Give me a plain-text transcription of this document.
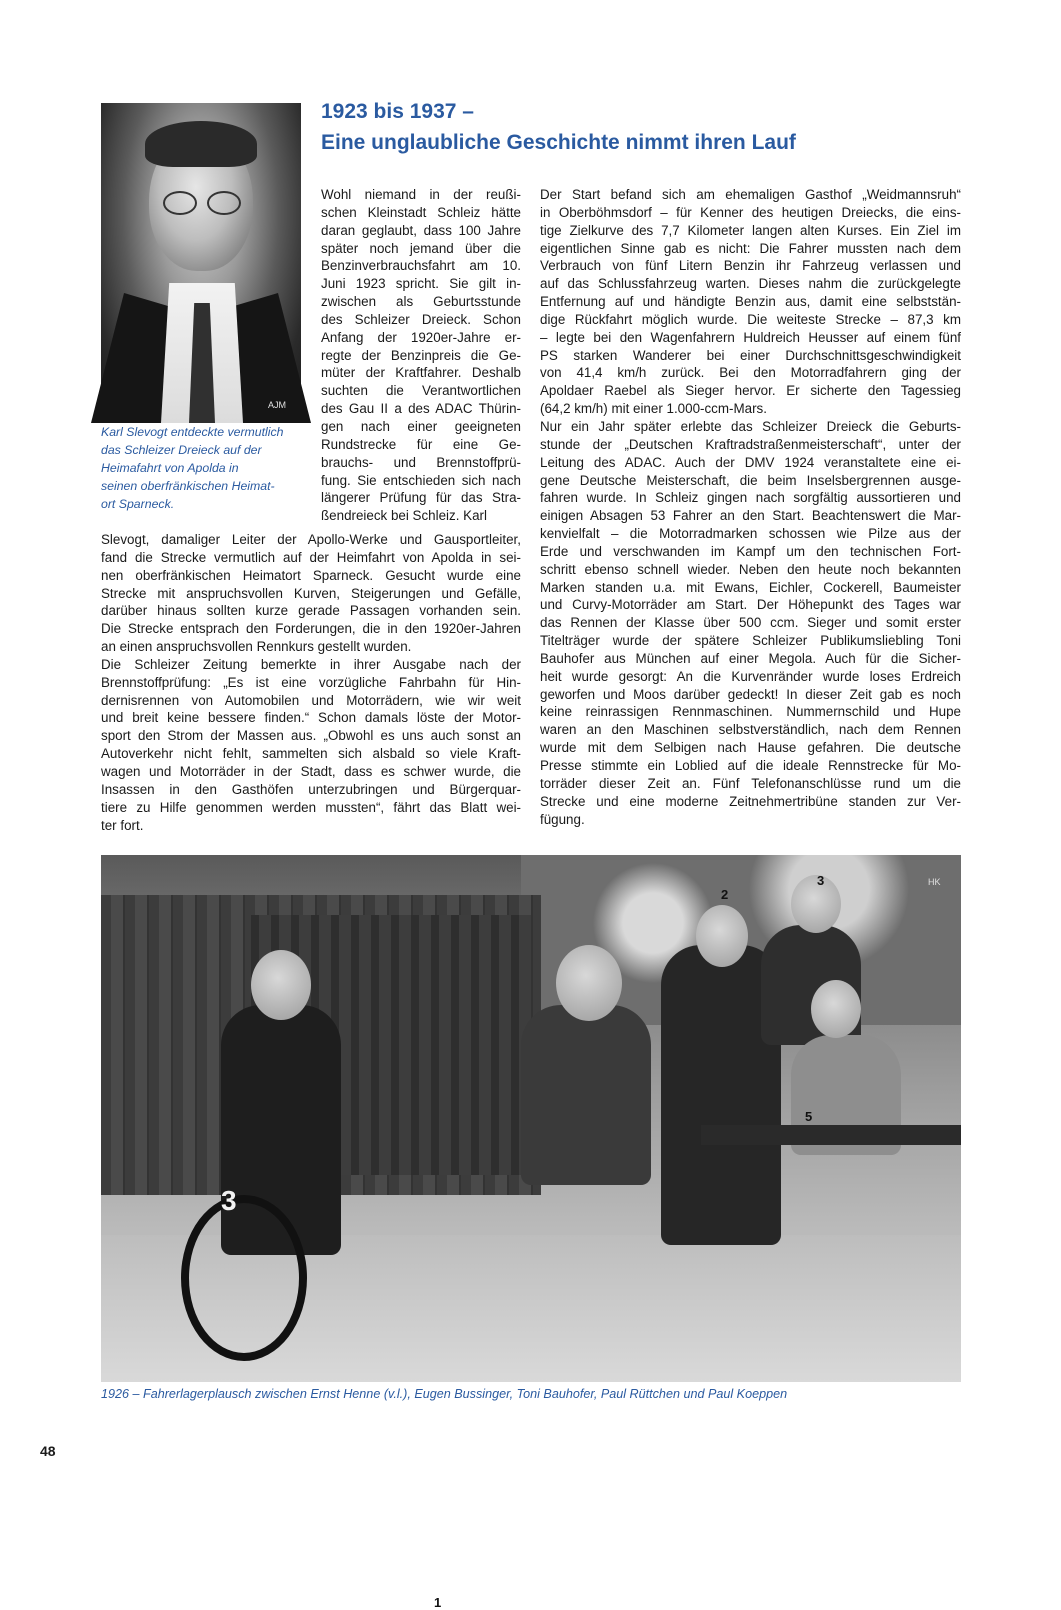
AJM
Karl Slevogt entdeckte vermutlich
das Schleizer Dreieck auf der
Heimafahrt von Apolda in
seinen oberfränkischen Heimat-
ort Sparneck.
1923 bis 1937 –
Eine unglaubliche Geschichte nimmt ihren Lauf
Wohl niemand in der reußi-
schen Kleinstadt Schleiz hätte
daran geglaubt, dass 100 Jahre
später noch jemand über die
Benzinverbrauchsfahrt am 10.
Juni 1923 spricht. Sie gilt in-
zwischen als Geburtsstunde
des Schleizer Dreieck. Schon
Anfang der 1920er-Jahre er-
regte der Benzinpreis die Ge-
müter der Kraftfahrer. Deshalb
suchten die Verantwortlichen
des Gau II a des ADAC Thürin-
gen nach einer geeigneten
Rundstrecke für eine Ge-
brauchs- und Brennstoffprü-
fung. Sie entschieden sich nach
längerer Prüfung für das Stra-
ßendreieck bei Schleiz. Karl
Slevogt, damaliger Leiter der Apollo-Werke und Gausportleiter,
fand die Strecke vermutlich auf der Heimfahrt von Apolda in sei-
nen oberfränkischen Heimatort Sparneck. Gesucht wurde eine
Strecke mit anspruchsvollen Kurven, Steigerungen und Gefälle,
darüber hinaus sollten kurze gerade Passagen vorhanden sein.
Die Strecke entsprach den Forderungen, die in den 1920er-Jahren
an einen anspruchsvollen Rennkurs gestellt wurden.
Die Schleizer Zeitung bemerkte in ihrer Ausgabe nach der
Brennstoffprüfung: „Es ist eine vorzügliche Fahrbahn für Hin-
dernisrennen von Automobilen und Motorrädern, wie wir weit
und breit keine bessere finden.“ Schon damals löste der Motor-
sport den Strom der Massen aus. „Obwohl es uns auch sonst an
Autoverkehr nicht fehlt, sammelten sich alsbald so viele Kraft-
wagen und Motorräder in der Stadt, dass es schwer wurde, die
Insassen in den Gasthöfen unterzubringen und Bürgerquar-
tiere zu Hilfe genommen werden mussten“, fährt das Blatt wei-
ter fort.
Der Start befand sich am ehemaligen Gasthof „Weidmannsruh“
in Oberböhmsdorf – für Kenner des heutigen Dreiecks, die eins-
tige Zielkurve des 7,7 Kilometer langen alten Kurses. Ein Ziel im
eigentlichen Sinne gab es nicht: Die Fahrer mussten nach dem
Verbrauch von fünf Litern Benzin ihr Fahrzeug verlassen und
auf das Schlussfahrzeug warten. Dieses nahm die zurückgelegte
Entfernung auf und händigte Benzin aus, damit eine selbststän-
dige Rückfahrt möglich wurde. Die weiteste Strecke – 87,3 km
– legte bei den Wagenfahrern Huldreich Heusser auf einem fünf
PS starken Wanderer bei einer Durchschnittsgeschwindigkeit
von 41,4 km/h zurück. Bei den Motorradfahrern ging der
Apoldaer Raebel als Sieger hervor. Er sicherte den Tagessieg
(64,2 km/h) mit einer 1.000-ccm-Mars.
Nur ein Jahr später erlebte das Schleizer Dreieck die Geburts-
stunde der „Deutschen Kraftradstraßenmeisterschaft“, unter der
Leitung des ADAC. Auch der DMV 1924 veranstaltete eine ei-
gene Deutsche Meisterschaft, die beim Inselsbergrennen ausge-
fahren wurde. In Schleiz gingen nach sorgfältig aussortieren und
einigen Absagen 53 Fahrer an den Start. Beachtenswert die Mar-
kenvielfalt – die Motorradmarken schossen wie Pilze aus der
Erde und verschwanden im Kampf um den technischen Fort-
schritt ebenso schnell wieder. Neben den heute noch bekannten
Marken standen u.a. mit Ewans, Eichler, Cockerell, Baumeister
und Curvy-Motorräder am Start. Der Höhepunkt des Tages war
das Rennen der Klasse über 500 ccm. Sieger und somit erster
Titelträger wurde der spätere Schleizer Publikumsliebling Toni
Bauhofer aus München auf einer Megola. Auch für die Sicher-
heit wurde gesorgt: An die Kurvenränder wurde loses Erdreich
geworfen und Moos darüber gedeckt! In dieser Zeit gab es noch
keine reinrassigen Rennmaschinen. Nummernschild und Hupe
waren an den Maschinen selbstverständlich, nach dem Rennen
wurde mit dem Selbigen nach Hause gefahren. Die deutsche
Presse stimmte ein Loblied auf die ideale Rennstrecke für Mo-
torräder dieser Zeit an. Fünf Telefonanschlüsse rund um die
Strecke und eine moderne Zeitnehmertribüne standen zur Ver-
fügung.
1
2
3
5
3
HK
1926 – Fahrerlagerplausch zwischen Ernst Henne (v.l.), Eugen Bussinger, Toni Bauhofer, Paul Rüttchen und Paul Koeppen
48
